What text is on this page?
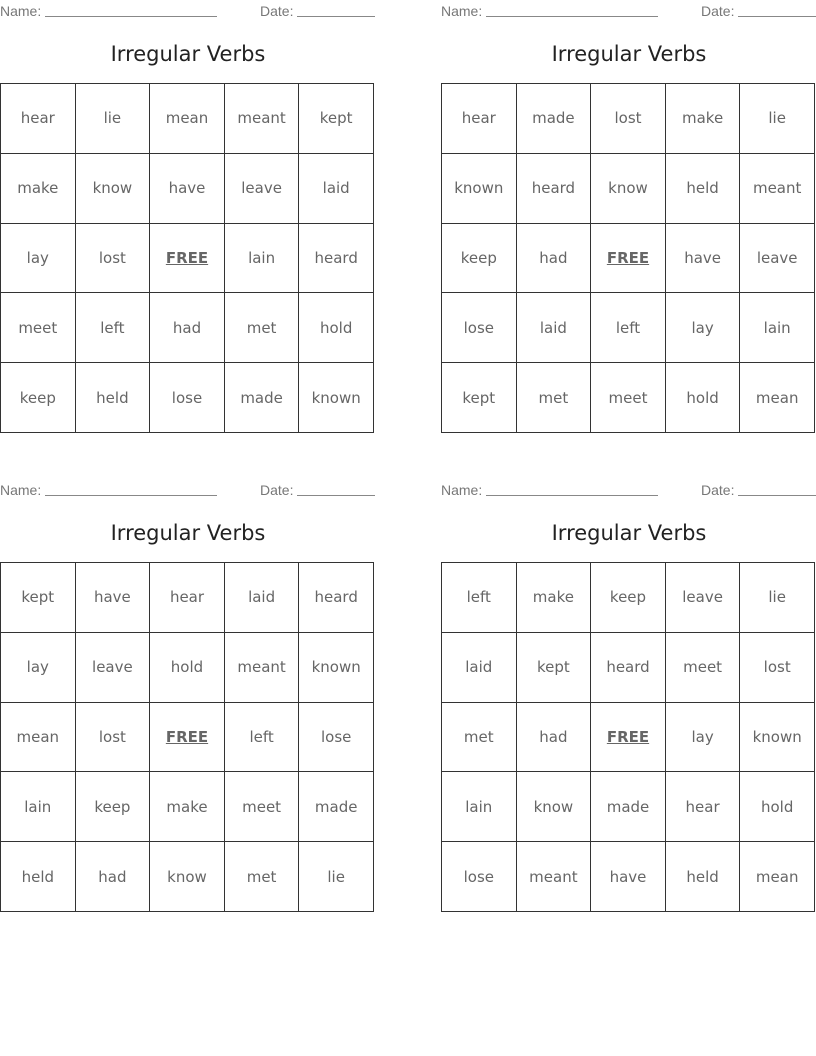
Name:	Date:
Irregular Verbs
hear	lie	mean	meant	kept
make	know	have	leave	laid
lay	lost	FREE	lain	heard
meet	left	had	met	hold
keep	held	lose	made	known
Name:	Date:
Irregular Verbs
hear	made	lost	make	lie
known	heard	know	held	meant
keep	had	FREE	have	leave
lose	laid	left	lay	lain
kept	met	meet	hold	mean
Name:	Date:
Irregular Verbs
kept	have	hear	laid	heard
lay	leave	hold	meant	known
mean	lost	FREE	left	lose
lain	keep	make	meet	made
held	had	know	met	lie
Name:	Date:
Irregular Verbs
left	make	keep	leave	lie
laid	kept	heard	meet	lost
met	had	FREE	lay	known
lain	know	made	hear	hold
lose	meant	have	held	mean
